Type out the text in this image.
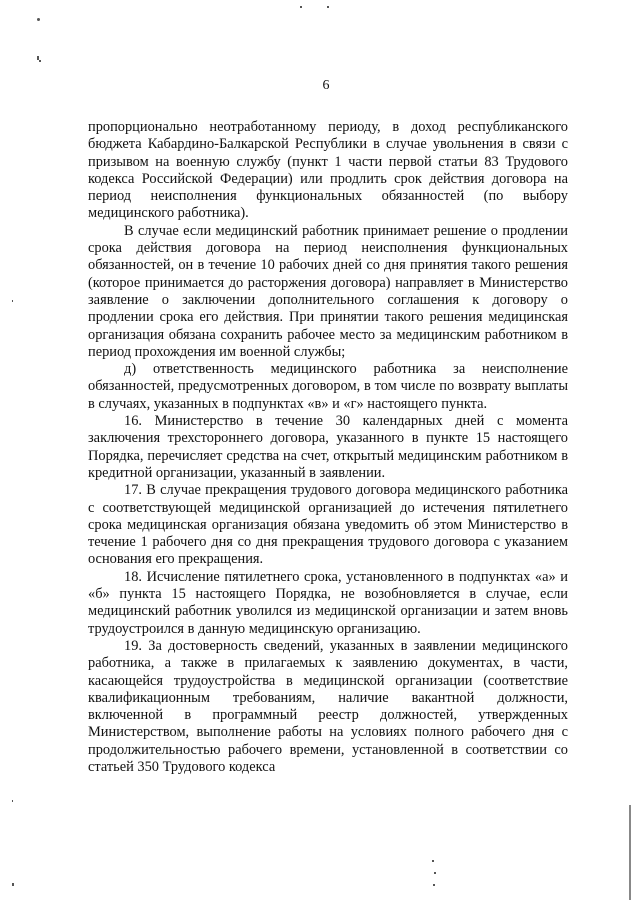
6

пропорционально неотработанному периоду, в доход республиканского бюджета Кабардино-Балкарской Республики в случае увольнения в связи с призывом на военную службу (пункт 1 части первой статьи 83 Трудового кодекса Российской Федерации) или продлить срок действия договора на период неисполнения функциональных обязанностей (по выбору медицинского работника).

В случае если медицинский работник принимает решение о продлении срока действия договора на период неисполнения функциональных обязанностей, он в течение 10 рабочих дней со дня принятия такого решения (которое принимается до расторжения договора) направляет в Министерство заявление о заключении дополнительного соглашения к договору о продлении срока его действия. При принятии такого решения медицинская организация обязана сохранить рабочее место за медицинским работником в период прохождения им военной службы;

д) ответственность медицинского работника за неисполнение обязанностей, предусмотренных договором, в том числе по возврату выплаты в случаях, указанных в подпунктах «в» и «г» настоящего пункта.

16. Министерство в течение 30 календарных дней с момента заключения трехстороннего договора, указанного в пункте 15 настоящего Порядка, перечисляет средства на счет, открытый медицинским работником в кредитной организации, указанный в заявлении.

17. В случае прекращения трудового договора медицинского работника с соответствующей медицинской организацией до истечения пятилетнего срока медицинская организация обязана уведомить об этом Министерство в течение 1 рабочего дня со дня прекращения трудового договора с указанием основания его прекращения.

18. Исчисление пятилетнего срока, установленного в подпунктах «а» и «б» пункта 15 настоящего Порядка, не возобновляется в случае, если медицинский работник уволился из медицинской организации и затем вновь трудоустроился в данную медицинскую организацию.

19. За достоверность сведений, указанных в заявлении медицинского работника, а также в прилагаемых к заявлению документах, в части, касающейся трудоустройства в медицинской организации (соответствие квалификационным требованиям, наличие вакантной должности, включенной в программный реестр должностей, утвержденных Министерством, выполнение работы на условиях полного рабочего дня с продолжительностью рабочего времени, установленной в соответствии со статьей 350 Трудового кодекса
